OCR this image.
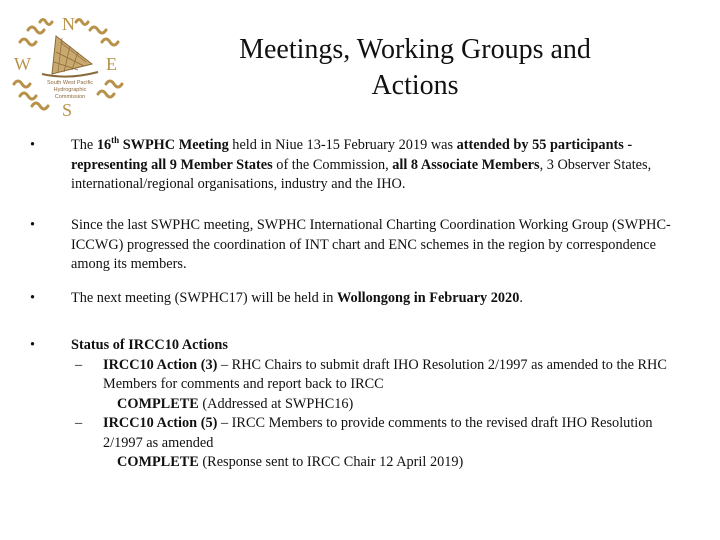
N
W	E
S
South West Pacific
Hydrographic
Commission
Meetings, Working Groups and
Actions
•	The 16th SWPHC Meeting held in Niue 13-15 February 2019 was attended by 55 participants - representing all 9 Member States of the Commission, all 8 Associate Members, 3 Observer States, international/regional organisations, industry and the IHO.
•	Since the last SWPHC meeting, SWPHC International Charting Coordination Working Group (SWPHC-ICCWG) progressed the coordination of INT chart and ENC schemes in the region by correspondence among its members.
•	The next meeting (SWPHC17) will be held in Wollongong in February 2020.
•	Status of IRCC10 Actions
– IRCC10 Action (3) – RHC Chairs to submit draft IHO Resolution 2/1997 as amended to the RHC Members for comments and report back to IRCC
COMPLETE (Addressed at SWPHC16)
– IRCC10 Action (5) – IRCC Members to provide comments to the revised draft IHO Resolution 2/1997 as amended
COMPLETE (Response sent to IRCC Chair 12 April 2019)
